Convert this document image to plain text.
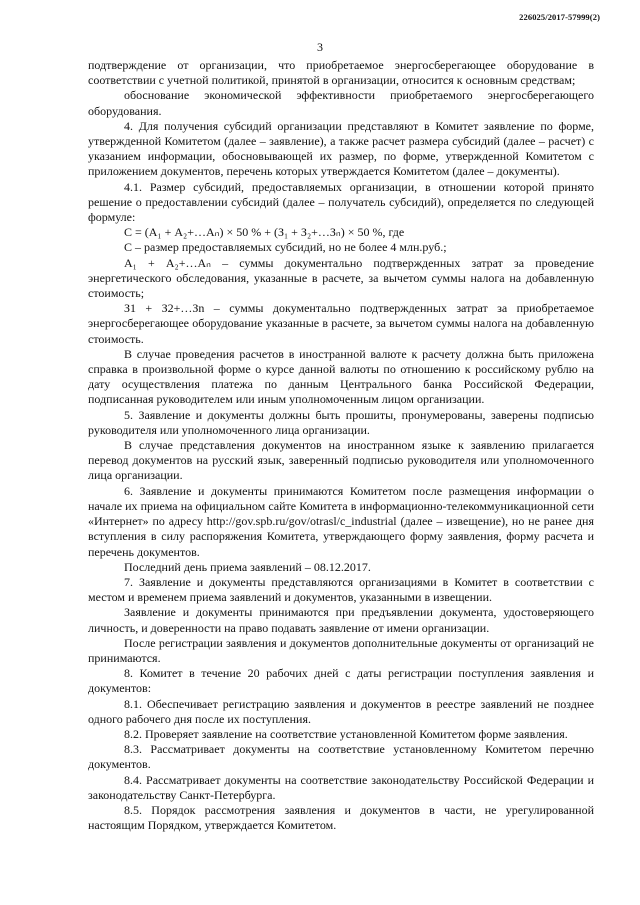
226025/2017-57999(2)
3

подтверждение от организации, что приобретаемое энергосберегающее оборудование в соответствии с учетной политикой, принятой в организации, относится к основным средствам;

обоснование экономической эффективности приобретаемого энергосберегающего оборудования.

4. Для получения субсидий организации представляют в Комитет заявление по форме, утвержденной Комитетом (далее – заявление), а также расчет размера субсидий (далее – расчет) с указанием информации, обосновывающей их размер, по форме, утвержденной Комитетом с приложением документов, перечень которых утверждается Комитетом (далее – документы).

4.1. Размер субсидий, предоставляемых организации, в отношении которой принято решение о предоставлении субсидий (далее – получатель субсидий), определяется по следующей формуле:

С = (А₁ + А₂+…Аₙ) × 50 % + (З₁ + З₂+…Зₙ) × 50 %, где

С – размер предоставляемых субсидий, но не более 4 млн.руб.;

А₁ + А₂+…Аₙ – суммы документально подтвержденных затрат за проведение энергетического обследования, указанные в расчете, за вычетом суммы налога на добавленную стоимость;

З1 + З2+…Зn – суммы документально подтвержденных затрат за приобретаемое энергосберегающее оборудование указанные в расчете, за вычетом суммы налога на добавленную стоимость.

В случае проведения расчетов в иностранной валюте к расчету должна быть приложена справка в произвольной форме о курсе данной валюты по отношению к российскому рублю на дату осуществления платежа по данным Центрального банка Российской Федерации, подписанная руководителем или иным уполномоченным лицом организации.

5. Заявление и документы должны быть прошиты, пронумерованы, заверены подписью руководителя или уполномоченного лица организации.

В случае представления документов на иностранном языке к заявлению прилагается перевод документов на русский язык, заверенный подписью руководителя или уполномоченного лица организации.

6. Заявление и документы принимаются Комитетом после размещения информации о начале их приема на официальном сайте Комитета в информационно-телекоммуникационной сети «Интернет» по адресу http://gov.spb.ru/gov/otrasl/c_industrial (далее – извещение), но не ранее дня вступления в силу распоряжения Комитета, утверждающего форму заявления, форму расчета и перечень документов.

Последний день приема заявлений – 08.12.2017.

7. Заявление и документы представляются организациями в Комитет в соответствии с местом и временем приема заявлений и документов, указанными в извещении.

Заявление и документы принимаются при предъявлении документа, удостоверяющего личность, и доверенности на право подавать заявление от имени организации.

После регистрации заявления и документов дополнительные документы от организаций не принимаются.

8. Комитет в течение 20 рабочих дней с даты регистрации поступления заявления и документов:

8.1. Обеспечивает регистрацию заявления и документов в реестре заявлений не позднее одного рабочего дня после их поступления.

8.2. Проверяет заявление на соответствие установленной Комитетом форме заявления.

8.3. Рассматривает документы на соответствие установленному Комитетом перечню документов.

8.4. Рассматривает документы на соответствие законодательству Российской Федерации и законодательству Санкт-Петербурга.

8.5. Порядок рассмотрения заявления и документов в части, не урегулированной настоящим Порядком, утверждается Комитетом.
